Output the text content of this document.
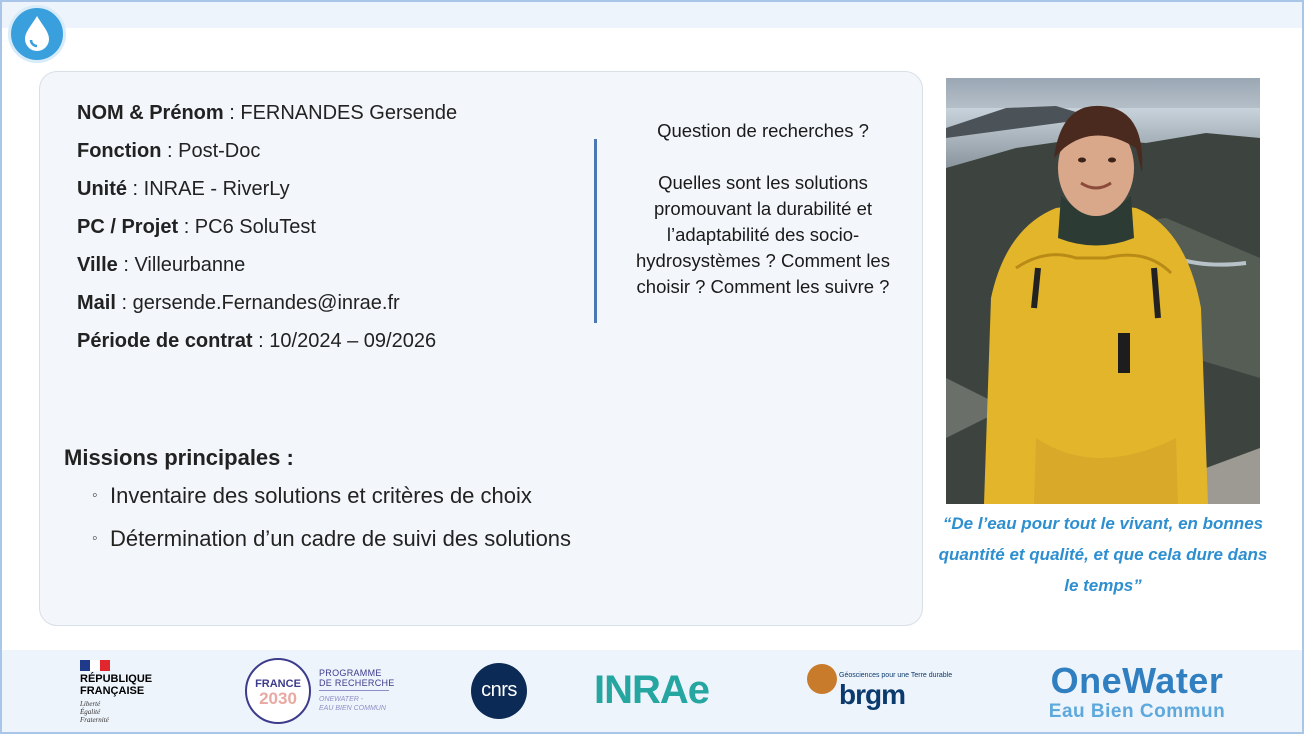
NOM & Prénom : FERNANDES Gersende
Fonction : Post-Doc
Unité : INRAE - RiverLy
PC / Projet : PC6 SoluTest
Ville : Villeurbanne
Mail : gersende.Fernandes@inrae.fr
Période de contrat : 10/2024 – 09/2026
Question de recherches ?
Quelles sont les solutions promouvant la durabilité et l’adaptabilité des socio-hydrosystèmes ? Comment les choisir ? Comment les suivre ?
Missions principales :
◦ Inventaire des solutions et critères de choix
◦ Détermination d’un cadre de suivi des solutions
“De l’eau pour tout le vivant, en bonnes quantité et qualité, et que cela dure dans le temps”
RÉPUBLIQUE
FRANÇAISE
Liberté
Égalité
Fraternité
FRANCE
2030
PROGRAMME
DE RECHERCHE
ONEWATER -
EAU BIEN COMMUN
cnrs INRAe	Géosciences pour une Terre durable
brgm	OneWater
Eau Bien Commun
